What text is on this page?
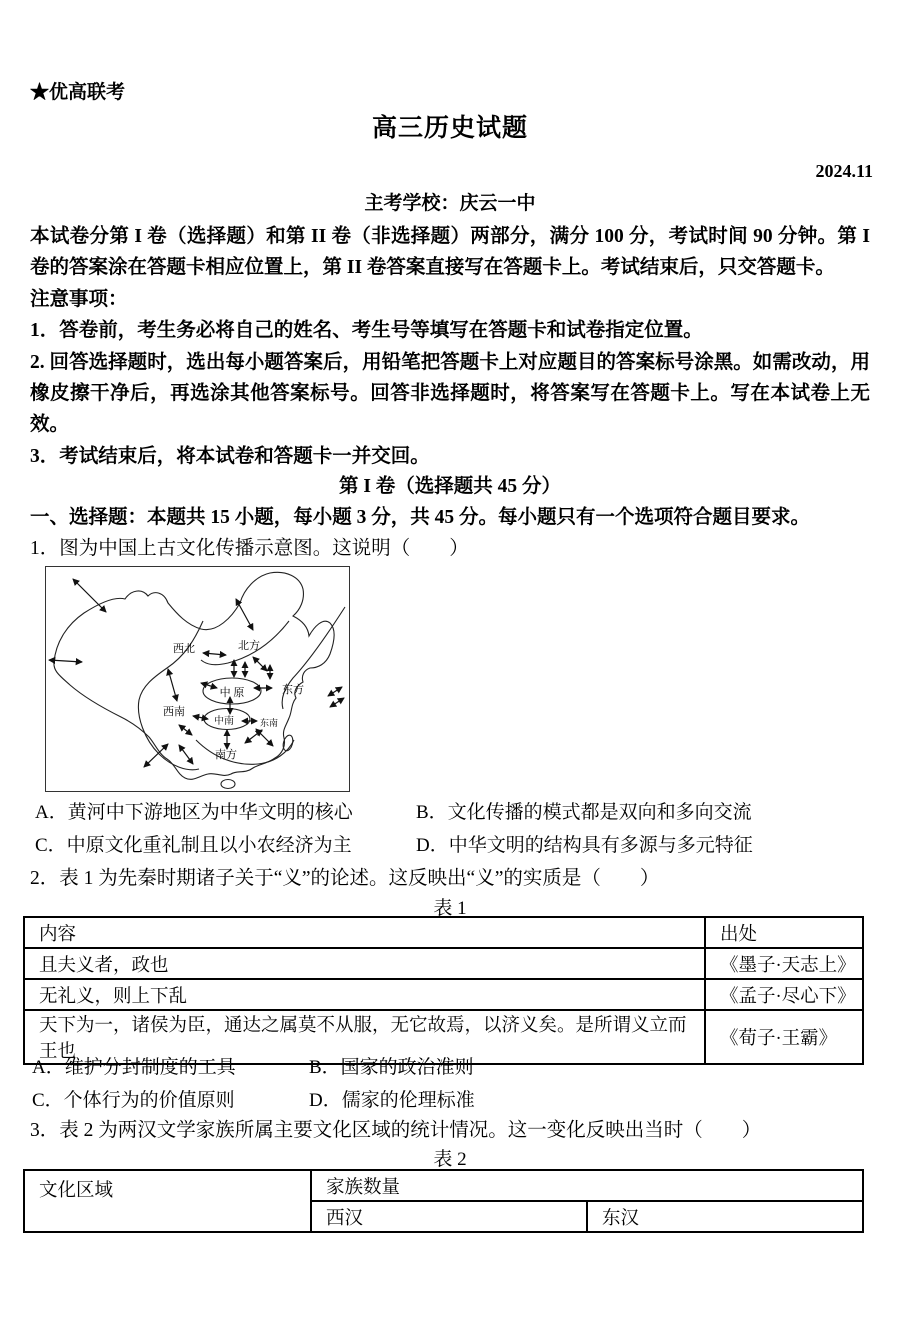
★优高联考
高三历史试题
2024.11
主考学校：庆云一中
本试卷分第 I 卷（选择题）和第 II 卷（非选择题）两部分，满分 100 分，考试时间 90 分钟。第 I 卷的答案涂在答题卡相应位置上，第 II 卷答案直接写在答题卡上。考试结束后，只交答题卡。
注意事项：
1．答卷前，考生务必将自己的姓名、考生号等填写在答题卡和试卷指定位置。
2. 回答选择题时，选出每小题答案后，用铅笔把答题卡上对应题目的答案标号涂黑。如需改动，用橡皮擦干净后，再选涂其他答案标号。回答非选择题时，将答案写在答题卡上。写在本试卷上无效。
3．考试结束后，将本试卷和答题卡一并交回。
第 I 卷（选择题共 45 分）
一、选择题：本题共 15 小题，每小题 3 分，共 45 分。每小题只有一个选项符合题目要求。
1．图为中国上古文化传播示意图。这说明（　　）
西北	北方
中 原	东方
西南
中南	东南
南方
A．黄河中下游地区为中华文明的核心	B．文化传播的模式都是双向和多向交流
C．中原文化重礼制且以小农经济为主	D．中华文明的结构具有多源与多元特征
2．表 1 为先秦时期诸子关于“义”的论述。这反映出“义”的实质是（　　）
表 1
内容	出处
且夫义者，政也	《墨子·天志上》
无礼义，则上下乱	《孟子·尽心下》
天下为一，诸侯为臣，通达之属莫不从服，无它故焉，以济义矣。是所谓义立而王也	《荀子·王霸》
A．维护分封制度的工具	B．国家的政治准则
C．个体行为的价值原则	D．儒家的伦理标准
3．表 2 为两汉文学家族所属主要文化区域的统计情况。这一变化反映出当时（　　）
表 2
文化区域	家族数量	
	西汉	东汉
